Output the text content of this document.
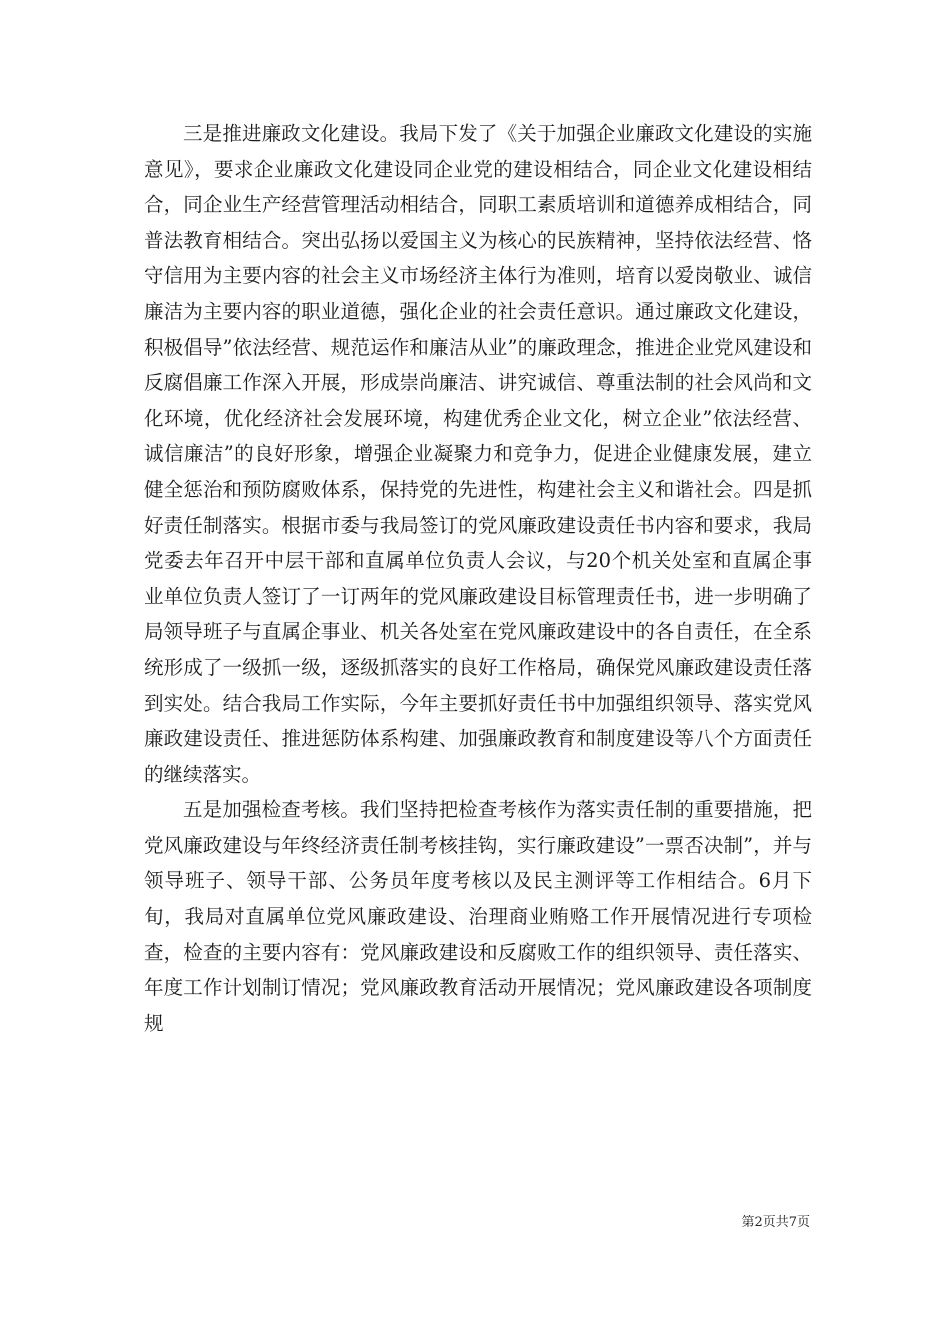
三是推进廉政文化建设。我局下发了《关于加强企业廉政文化建设的实施意见》，要求企业廉政文化建设同企业党的建设相结合，同企业文化建设相结合，同企业生产经营管理活动相结合，同职工素质培训和道德养成相结合，同普法教育相结合。突出弘扬以爱国主义为核心的民族精神，坚持依法经营、恪守信用为主要内容的社会主义市场经济主体行为准则，培育以爱岗敬业、诚信廉洁为主要内容的职业道德，强化企业的社会责任意识。通过廉政文化建设，积极倡导”依法经营、规范运作和廉洁从业”的廉政理念，推进企业党风建设和反腐倡廉工作深入开展，形成崇尚廉洁、讲究诚信、尊重法制的社会风尚和文化环境，优化经济社会发展环境，构建优秀企业文化，树立企业”依法经营、诚信廉洁”的良好形象，增强企业凝聚力和竞争力，促进企业健康发展，建立健全惩治和预防腐败体系，保持党的先进性，构建社会主义和谐社会。四是抓好责任制落实。根据市委与我局签订的党风廉政建设责任书内容和要求，我局党委去年召开中层干部和直属单位负责人会议，与20个机关处室和直属企事业单位负责人签订了一订两年的党风廉政建设目标管理责任书，进一步明确了局领导班子与直属企事业、机关各处室在党风廉政建设中的各自责任，在全系统形成了一级抓一级，逐级抓落实的良好工作格局，确保党风廉政建设责任落到实处。结合我局工作实际，今年主要抓好责任书中加强组织领导、落实党风廉政建设责任、推进惩防体系构建、加强廉政教育和制度建设等八个方面责任的继续落实。

五是加强检查考核。我们坚持把检查考核作为落实责任制的重要措施，把党风廉政建设与年终经济责任制考核挂钩，实行廉政建设”一票否决制”，并与领导班子、领导干部、公务员年度考核以及民主测评等工作相结合。6月下旬，我局对直属单位党风廉政建设、治理商业贿赂工作开展情况进行专项检查，检查的主要内容有：党风廉政建设和反腐败工作的组织领导、责任落实、年度工作计划制订情况；党风廉政教育活动开展情况；党风廉政建设各项制度规

第2页共7页
